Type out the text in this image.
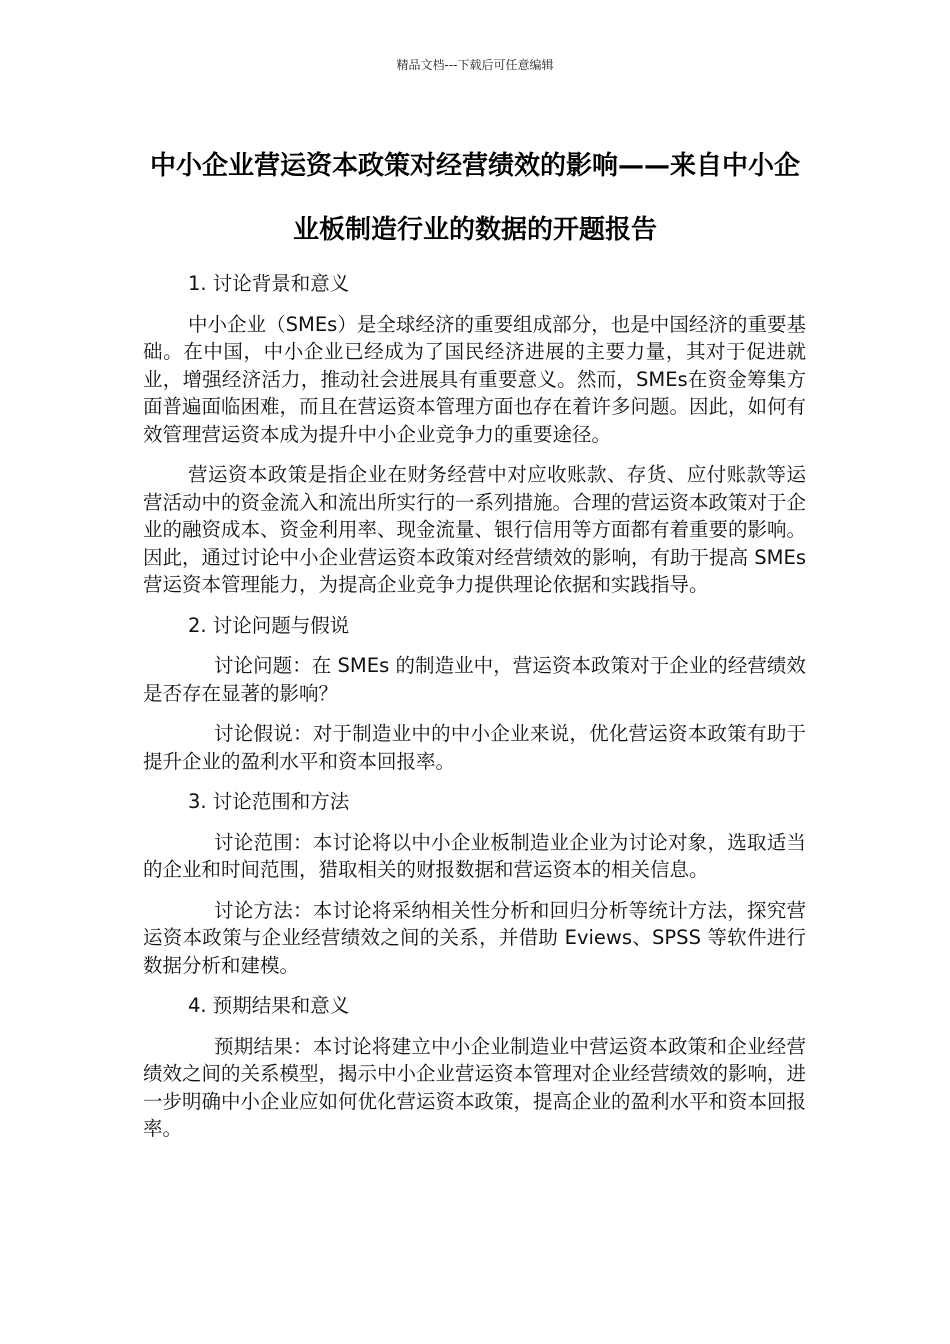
精品文档---下载后可任意编辑
中小企业营运资本政策对经营绩效的影响——来自中小企业板制造行业的数据的开题报告

1. 讨论背景和意义

中小企业（SMEs）是全球经济的重要组成部分，也是中国经济的重要基础。在中国，中小企业已经成为了国民经济进展的主要力量，其对于促进就业，增强经济活力，推动社会进展具有重要意义。然而，SMEs在资金筹集方面普遍面临困难，而且在营运资本管理方面也存在着许多问题。因此，如何有效管理营运资本成为提升中小企业竞争力的重要途径。

营运资本政策是指企业在财务经营中对应收账款、存货、应付账款等运营活动中的资金流入和流出所实行的一系列措施。合理的营运资本政策对于企业的融资成本、资金利用率、现金流量、银行信用等方面都有着重要的影响。因此，通过讨论中小企业营运资本政策对经营绩效的影响，有助于提高 SMEs 营运资本管理能力，为提高企业竞争力提供理论依据和实践指导。

2. 讨论问题与假说

讨论问题：在 SMEs 的制造业中，营运资本政策对于企业的经营绩效是否存在显著的影响？

讨论假说：对于制造业中的中小企业来说，优化营运资本政策有助于提升企业的盈利水平和资本回报率。

3. 讨论范围和方法

讨论范围：本讨论将以中小企业板制造业企业为讨论对象，选取适当的企业和时间范围，猎取相关的财报数据和营运资本的相关信息。

讨论方法：本讨论将采纳相关性分析和回归分析等统计方法，探究营运资本政策与企业经营绩效之间的关系，并借助 Eviews、SPSS 等软件进行数据分析和建模。

4. 预期结果和意义

预期结果：本讨论将建立中小企业制造业中营运资本政策和企业经营绩效之间的关系模型，揭示中小企业营运资本管理对企业经营绩效的影响，进一步明确中小企业应如何优化营运资本政策，提高企业的盈利水平和资本回报率。
